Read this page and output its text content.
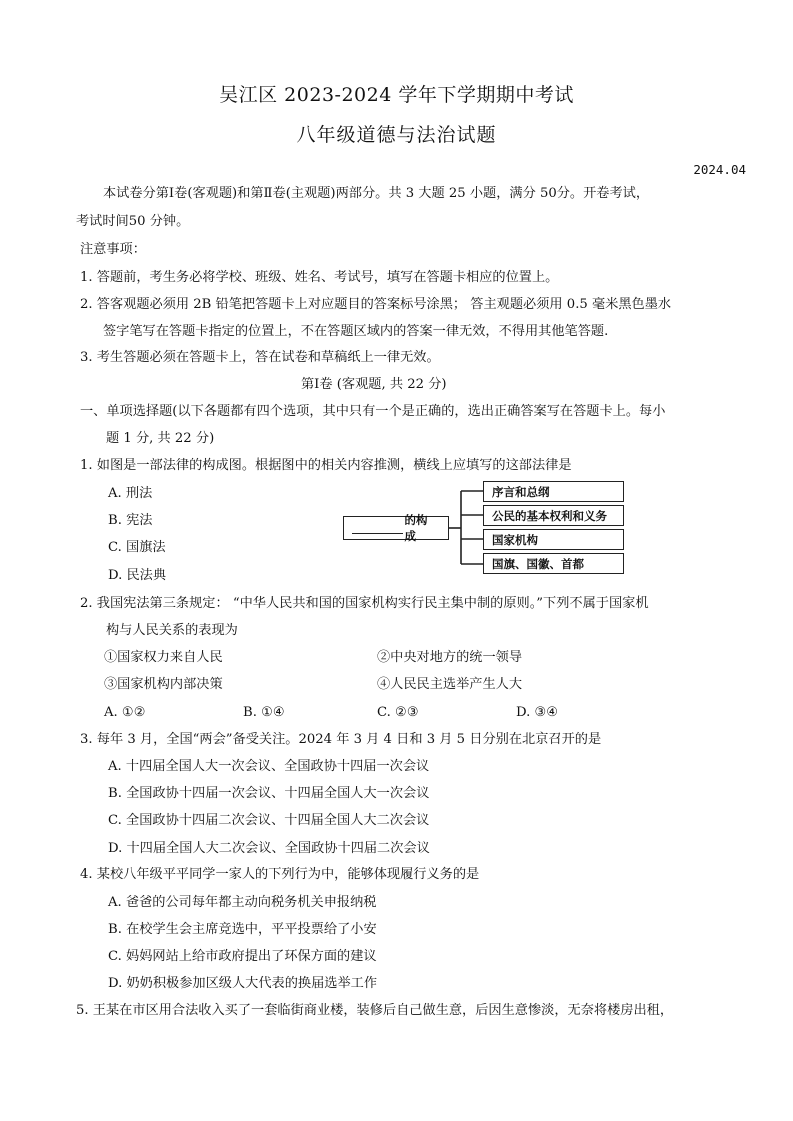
吴江区 2023-2024 学年下学期期中考试
八年级道德与法治试题
2024.04
本试卷分第Ⅰ卷(客观题)和第Ⅱ卷(主观题)两部分。共 3 大题 25 小题，满分 50分。开卷考试，
考试时间50 分钟。
注意事项：
1. 答题前，考生务必将学校、班级、姓名、考试号，填写在答题卡相应的位置上。
2. 答客观题必须用 2B 铅笔把答题卡上对应题目的答案标号涂黑； 答主观题必须用 0.5 毫米黑色墨水
签字笔写在答题卡指定的位置上，不在答题区域内的答案一律无效，不得用其他笔答题.
3. 考生答题必须在答题卡上，答在试卷和草稿纸上一律无效。
第Ⅰ卷 (客观题, 共 22 分)
一、单项选择题(以下各题都有四个选项，其中只有一个是正确的，选出正确答案写在答题卡上。每小
题 1 分, 共 22 分)
1. 如图是一部法律的构成图。根据图中的相关内容推测，横线上应填写的这部法律是
A. 刑法
B. 宪法
C. 国旗法
D. 民法典
的构成
序言和总纲
公民的基本权利和义务
国家机构
国旗、国徽、首都
2. 我国宪法第三条规定： “中华人民共和国的国家机构实行民主集中制的原则。”下列不属于国家机
构与人民关系的表现为
①国家权力来自人民	②中央对地方的统一领导
③国家机构内部决策	④人民民主选举产生人大
A. ①②	B. ①④	C. ②③	D. ③④
3. 每年 3 月，全国“两会”备受关注。2024 年 3 月 4 日和 3 月 5 日分别在北京召开的是
A. 十四届全国人大一次会议、全国政协十四届一次会议
B. 全国政协十四届一次会议、十四届全国人大一次会议
C. 全国政协十四届二次会议、十四届全国人大二次会议
D. 十四届全国人大二次会议、全国政协十四届二次会议
4. 某校八年级平平同学一家人的下列行为中，能够体现履行义务的是
A. 爸爸的公司每年都主动向税务机关申报纳税
B. 在校学生会主席竞选中，平平投票给了小安
C. 妈妈网站上给市政府提出了环保方面的建议
D. 奶奶积极参加区级人大代表的换届选举工作
5. 王某在市区用合法收入买了一套临街商业楼，装修后自己做生意，后因生意惨淡，无奈将楼房出租，
